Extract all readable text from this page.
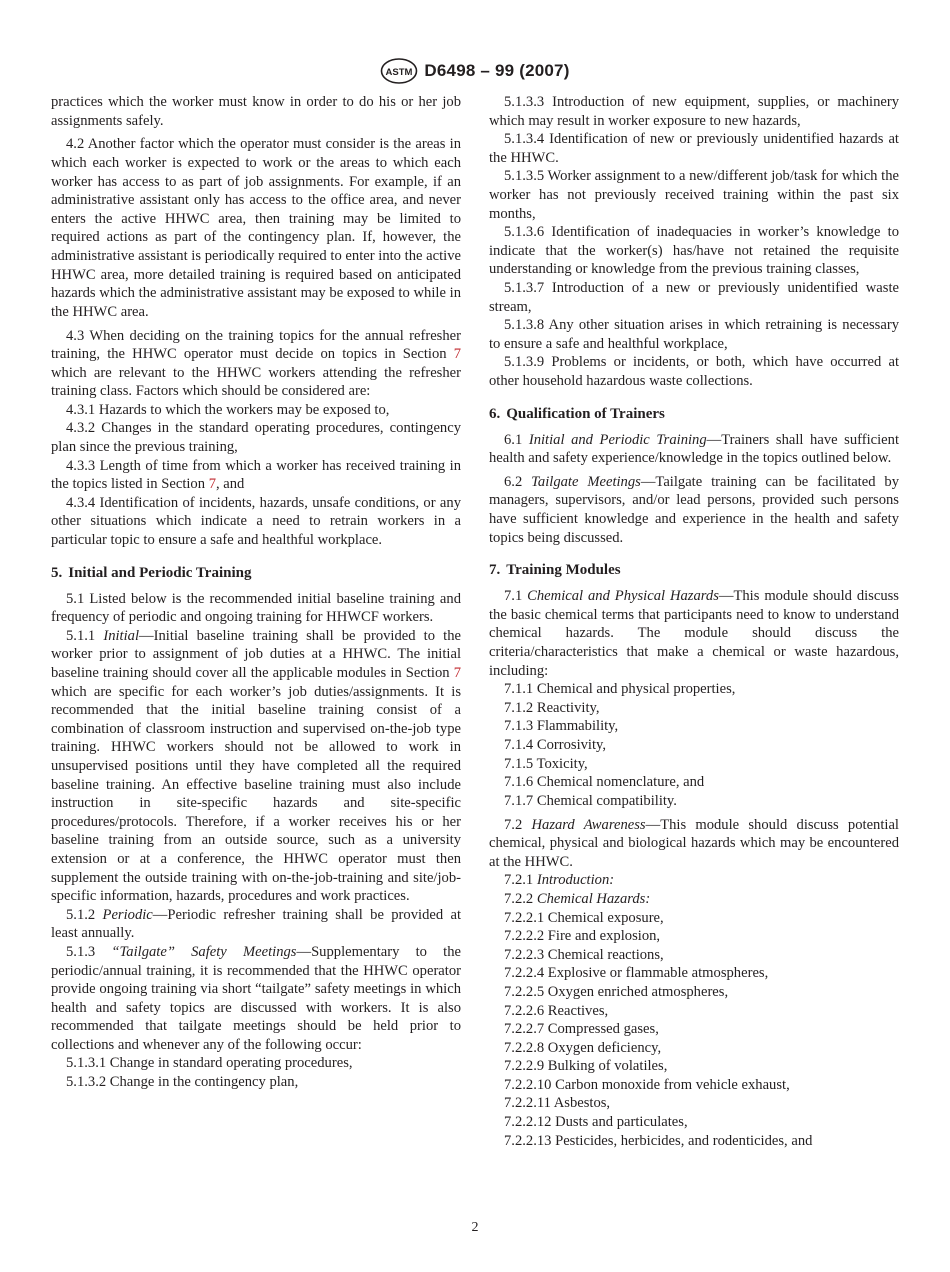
ASTM D6498 – 99 (2007)

practices which the worker must know in order to do his or her job assignments safely.

4.2 Another factor which the operator must consider is the areas in which each worker is expected to work or the areas to which each worker has access to as part of job assignments. For example, if an administrative assistant only has access to the office area, and never enters the active HHWC area, then training may be limited to required actions as part of the contingency plan. If, however, the administrative assistant is periodically required to enter into the active HHWC area, more detailed training is required based on anticipated hazards which the administrative assistant may be exposed to while in the HHWC area.

4.3 When deciding on the training topics for the annual refresher training, the HHWC operator must decide on topics in Section 7 which are relevant to the HHWC workers attending the refresher training class. Factors which should be considered are:

4.3.1 Hazards to which the workers may be exposed to,

4.3.2 Changes in the standard operating procedures, contingency plan since the previous training,

4.3.3 Length of time from which a worker has received training in the topics listed in Section 7, and

4.3.4 Identification of incidents, hazards, unsafe conditions, or any other situations which indicate a need to retrain workers in a particular topic to ensure a safe and healthful workplace.

5. Initial and Periodic Training

5.1 Listed below is the recommended initial baseline training and frequency of periodic and ongoing training for HHWCF workers.

5.1.1 Initial—Initial baseline training shall be provided to the worker prior to assignment of job duties at a HHWC. The initial baseline training should cover all the applicable modules in Section 7 which are specific for each worker’s job duties/assignments. It is recommended that the initial baseline training consist of a combination of classroom instruction and supervised on-the-job type training. HHWC workers should not be allowed to work in unsupervised positions until they have completed all the required baseline training. An effective baseline training must also include instruction in site-specific hazards and site-specific procedures/protocols. Therefore, if a worker receives his or her baseline training from an outside source, such as a university extension or at a conference, the HHWC operator must then supplement the outside training with on-the-job-training and site/job-specific information, hazards, procedures and work practices.

5.1.2 Periodic—Periodic refresher training shall be provided at least annually.

5.1.3 “Tailgate” Safety Meetings—Supplementary to the periodic/annual training, it is recommended that the HHWC operator provide ongoing training via short “tailgate” safety meetings in which health and safety topics are discussed with workers. It is also recommended that tailgate meetings should be held prior to collections and whenever any of the following occur:

5.1.3.1 Change in standard operating procedures,

5.1.3.2 Change in the contingency plan,

5.1.3.3 Introduction of new equipment, supplies, or machinery which may result in worker exposure to new hazards,

5.1.3.4 Identification of new or previously unidentified hazards at the HHWC.

5.1.3.5 Worker assignment to a new/different job/task for which the worker has not previously received training within the past six months,

5.1.3.6 Identification of inadequacies in worker’s knowledge to indicate that the worker(s) has/have not retained the requisite understanding or knowledge from the previous training classes,

5.1.3.7 Introduction of a new or previously unidentified waste stream,

5.1.3.8 Any other situation arises in which retraining is necessary to ensure a safe and healthful workplace,

5.1.3.9 Problems or incidents, or both, which have occurred at other household hazardous waste collections.

6. Qualification of Trainers

6.1 Initial and Periodic Training—Trainers shall have sufficient health and safety experience/knowledge in the topics outlined below.

6.2 Tailgate Meetings—Tailgate training can be facilitated by managers, supervisors, and/or lead persons, provided such persons have sufficient knowledge and experience in the health and safety topics being discussed.

7. Training Modules

7.1 Chemical and Physical Hazards—This module should discuss the basic chemical terms that participants need to know to understand chemical hazards. The module should discuss the criteria/characteristics that make a chemical or waste hazardous, including:

7.1.1 Chemical and physical properties,

7.1.2 Reactivity,

7.1.3 Flammability,

7.1.4 Corrosivity,

7.1.5 Toxicity,

7.1.6 Chemical nomenclature, and

7.1.7 Chemical compatibility.

7.2 Hazard Awareness—This module should discuss potential chemical, physical and biological hazards which may be encountered at the HHWC.

7.2.1 Introduction:

7.2.2 Chemical Hazards:

7.2.2.1 Chemical exposure,

7.2.2.2 Fire and explosion,

7.2.2.3 Chemical reactions,

7.2.2.4 Explosive or flammable atmospheres,

7.2.2.5 Oxygen enriched atmospheres,

7.2.2.6 Reactives,

7.2.2.7 Compressed gases,

7.2.2.8 Oxygen deficiency,

7.2.2.9 Bulking of volatiles,

7.2.2.10 Carbon monoxide from vehicle exhaust,

7.2.2.11 Asbestos,

7.2.2.12 Dusts and particulates,

7.2.2.13 Pesticides, herbicides, and rodenticides, and

2
